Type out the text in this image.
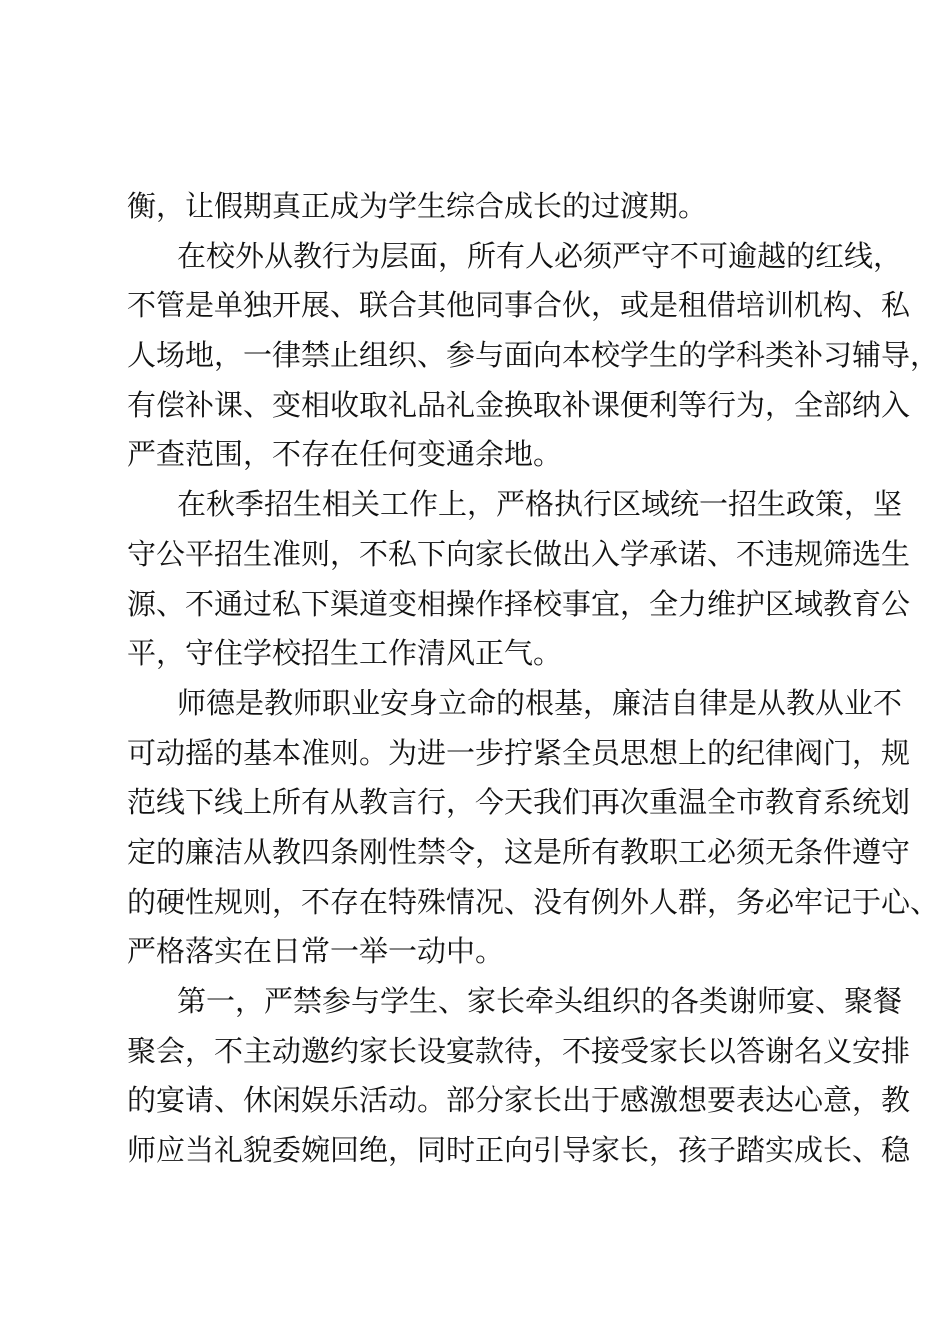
衡，让假期真正成为学生综合成长的过渡期。
在校外从教行为层面，所有人必须严守不可逾越的红线，
不管是单独开展、联合其他同事合伙，或是租借培训机构、私
人场地，一律禁止组织、参与面向本校学生的学科类补习辅导，
有偿补课、变相收取礼品礼金换取补课便利等行为，全部纳入
严查范围，不存在任何变通余地。
在秋季招生相关工作上，严格执行区域统一招生政策，坚
守公平招生准则，不私下向家长做出入学承诺、不违规筛选生
源、不通过私下渠道变相操作择校事宜，全力维护区域教育公
平，守住学校招生工作清风正气。
师德是教师职业安身立命的根基，廉洁自律是从教从业不
可动摇的基本准则。为进一步拧紧全员思想上的纪律阀门，规
范线下线上所有从教言行，今天我们再次重温全市教育系统划
定的廉洁从教四条刚性禁令，这是所有教职工必须无条件遵守
的硬性规则，不存在特殊情况、没有例外人群，务必牢记于心、
严格落实在日常一举一动中。
第一，严禁参与学生、家长牵头组织的各类谢师宴、聚餐
聚会，不主动邀约家长设宴款待，不接受家长以答谢名义安排
的宴请、休闲娱乐活动。部分家长出于感激想要表达心意，教
师应当礼貌委婉回绝，同时正向引导家长，孩子踏实成长、稳
